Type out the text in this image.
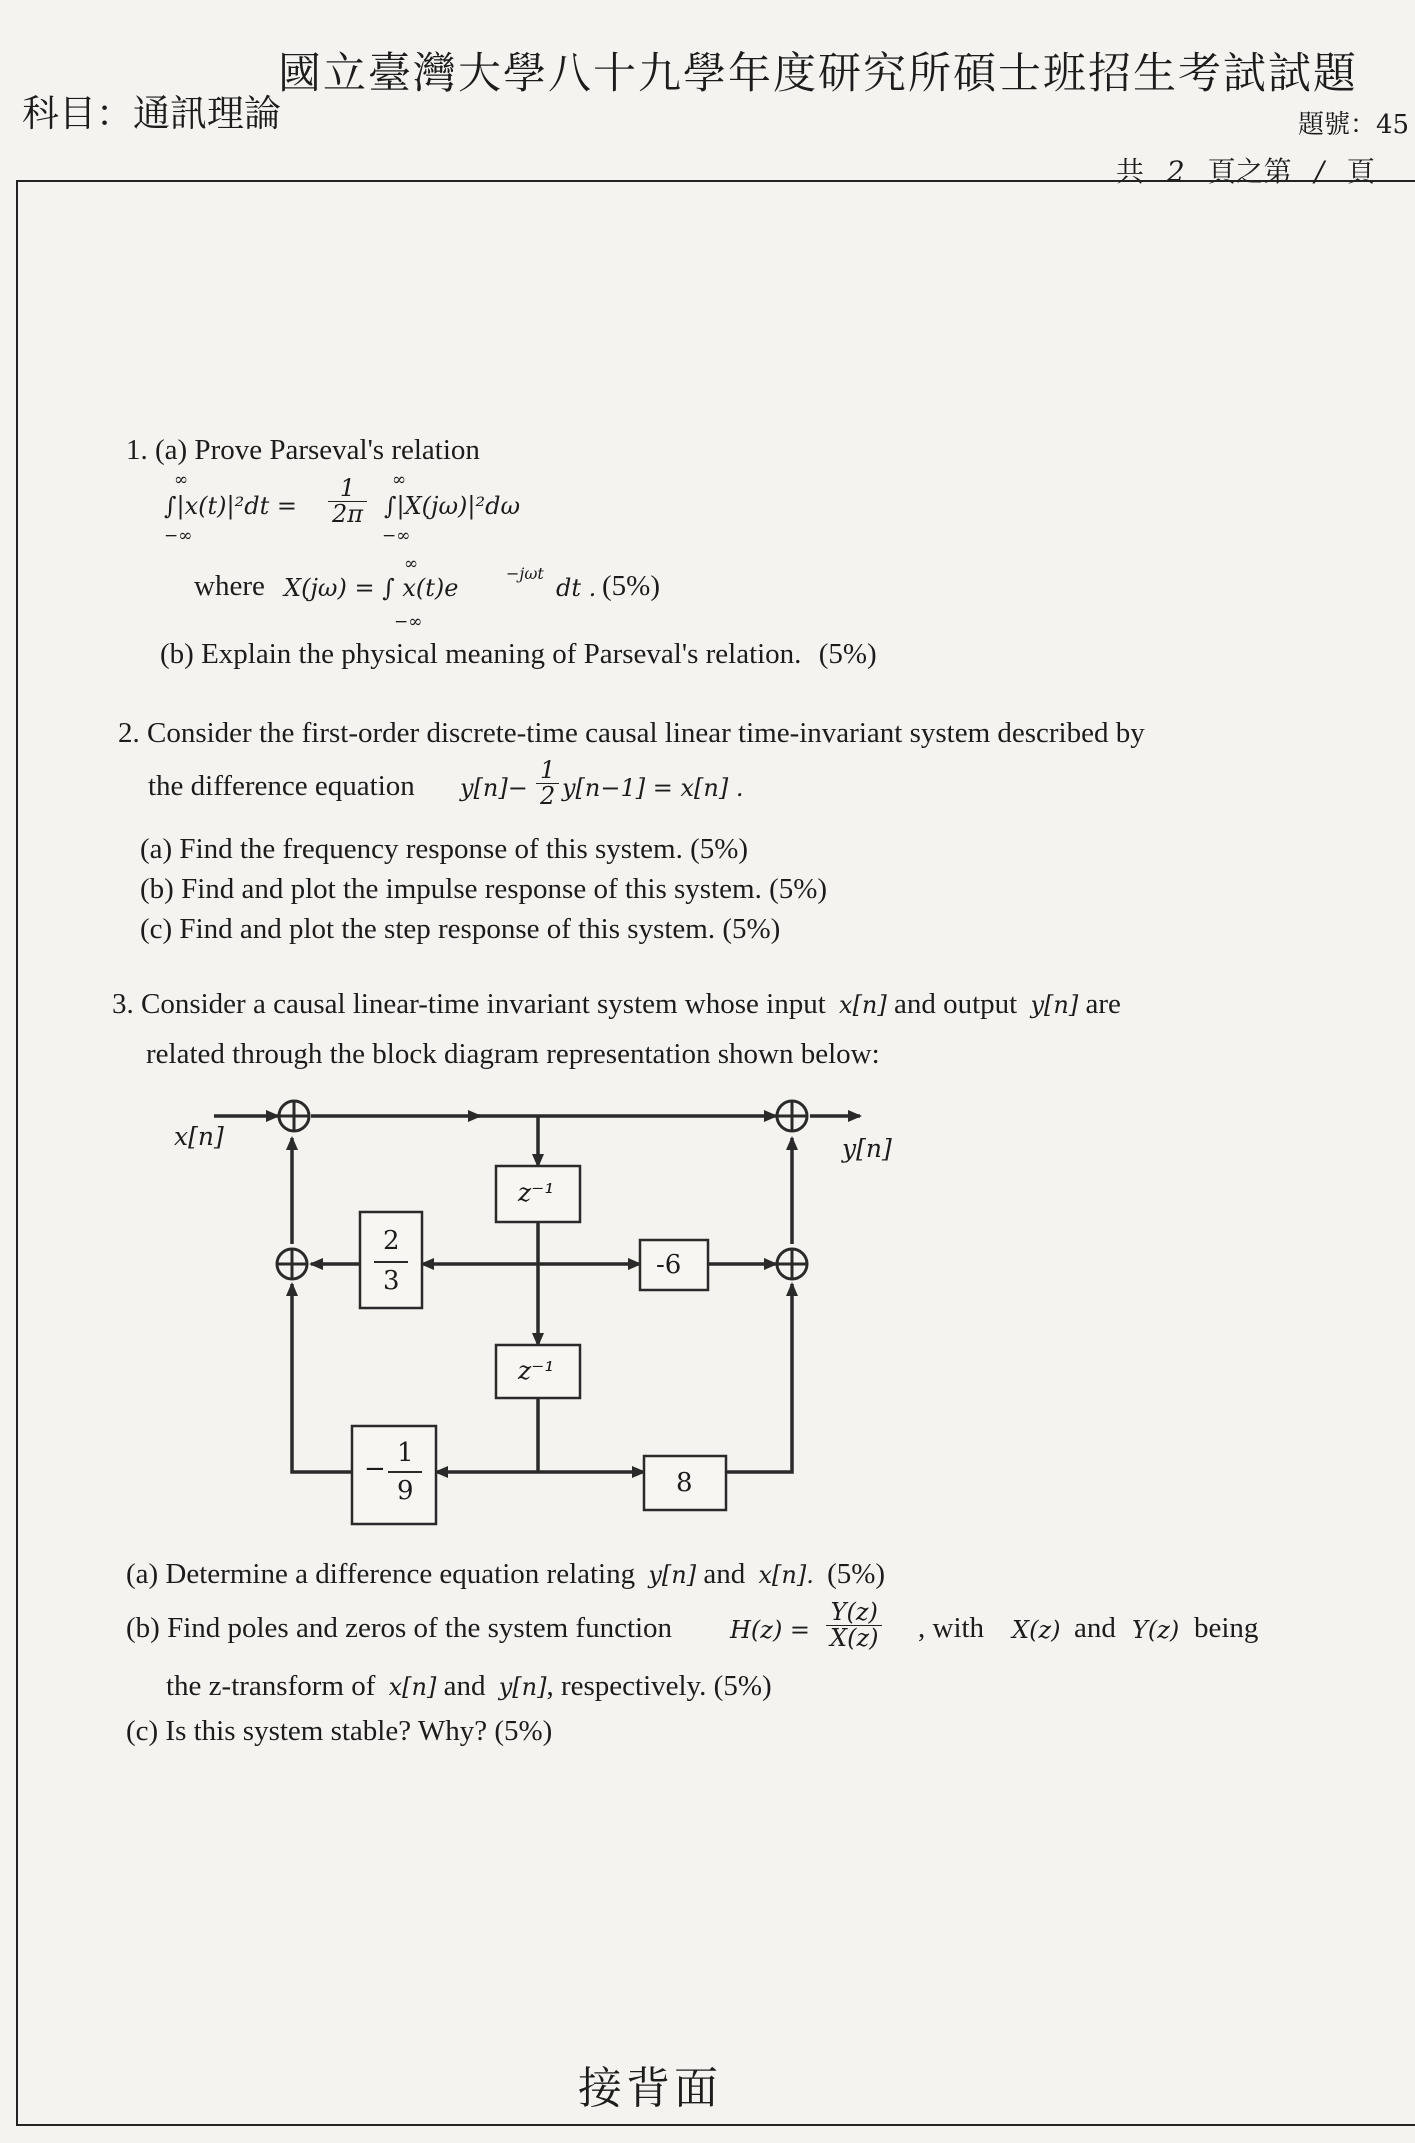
國立臺灣大學八十九學年度研究所碩士班招生考試試題
科目：通訊理論	題號：45
共 2 頁之第 / 頁
1. (a) Prove Parseval's relation
∞
−∞
$\int|x(t)|^2dt = \frac{1}{2\pi}$ ∞
−∞
∫|X(jω)|²dω
where
∞
−∞
X(jω) = ∫ x(t)e
−jωt
dt . (5%)
(b) Explain the physical meaning of Parseval's relation. (5%)
2. Consider the first-order discrete-time causal linear time-invariant system described by
the difference equation $y[n]- \frac{1}{2} y[n-1] = x[n]$ .
(a) Find the frequency response of this system. (5%)
(b) Find and plot the impulse response of this system. (5%)
(c) Find and plot the step response of this system. (5%)
3. Consider a causal linear-time invariant system whose input x[n] and output y[n] are
related through the block diagram representation shown below:
x[n]	y[n]
z⁻¹
z⁻¹
2
3
-6
−
1
9	8
(a) Determine a difference equation relating y[n] and x[n]. (5%)
(b) Find poles and zeros of the system function $H(z) = \frac{Y(z)}{X(z)}$ , with X(z) and Y(z) being
the z-transform of x[n] and y[n], respectively. (5%)
(c) Is this system stable? Why? (5%)
接背面
